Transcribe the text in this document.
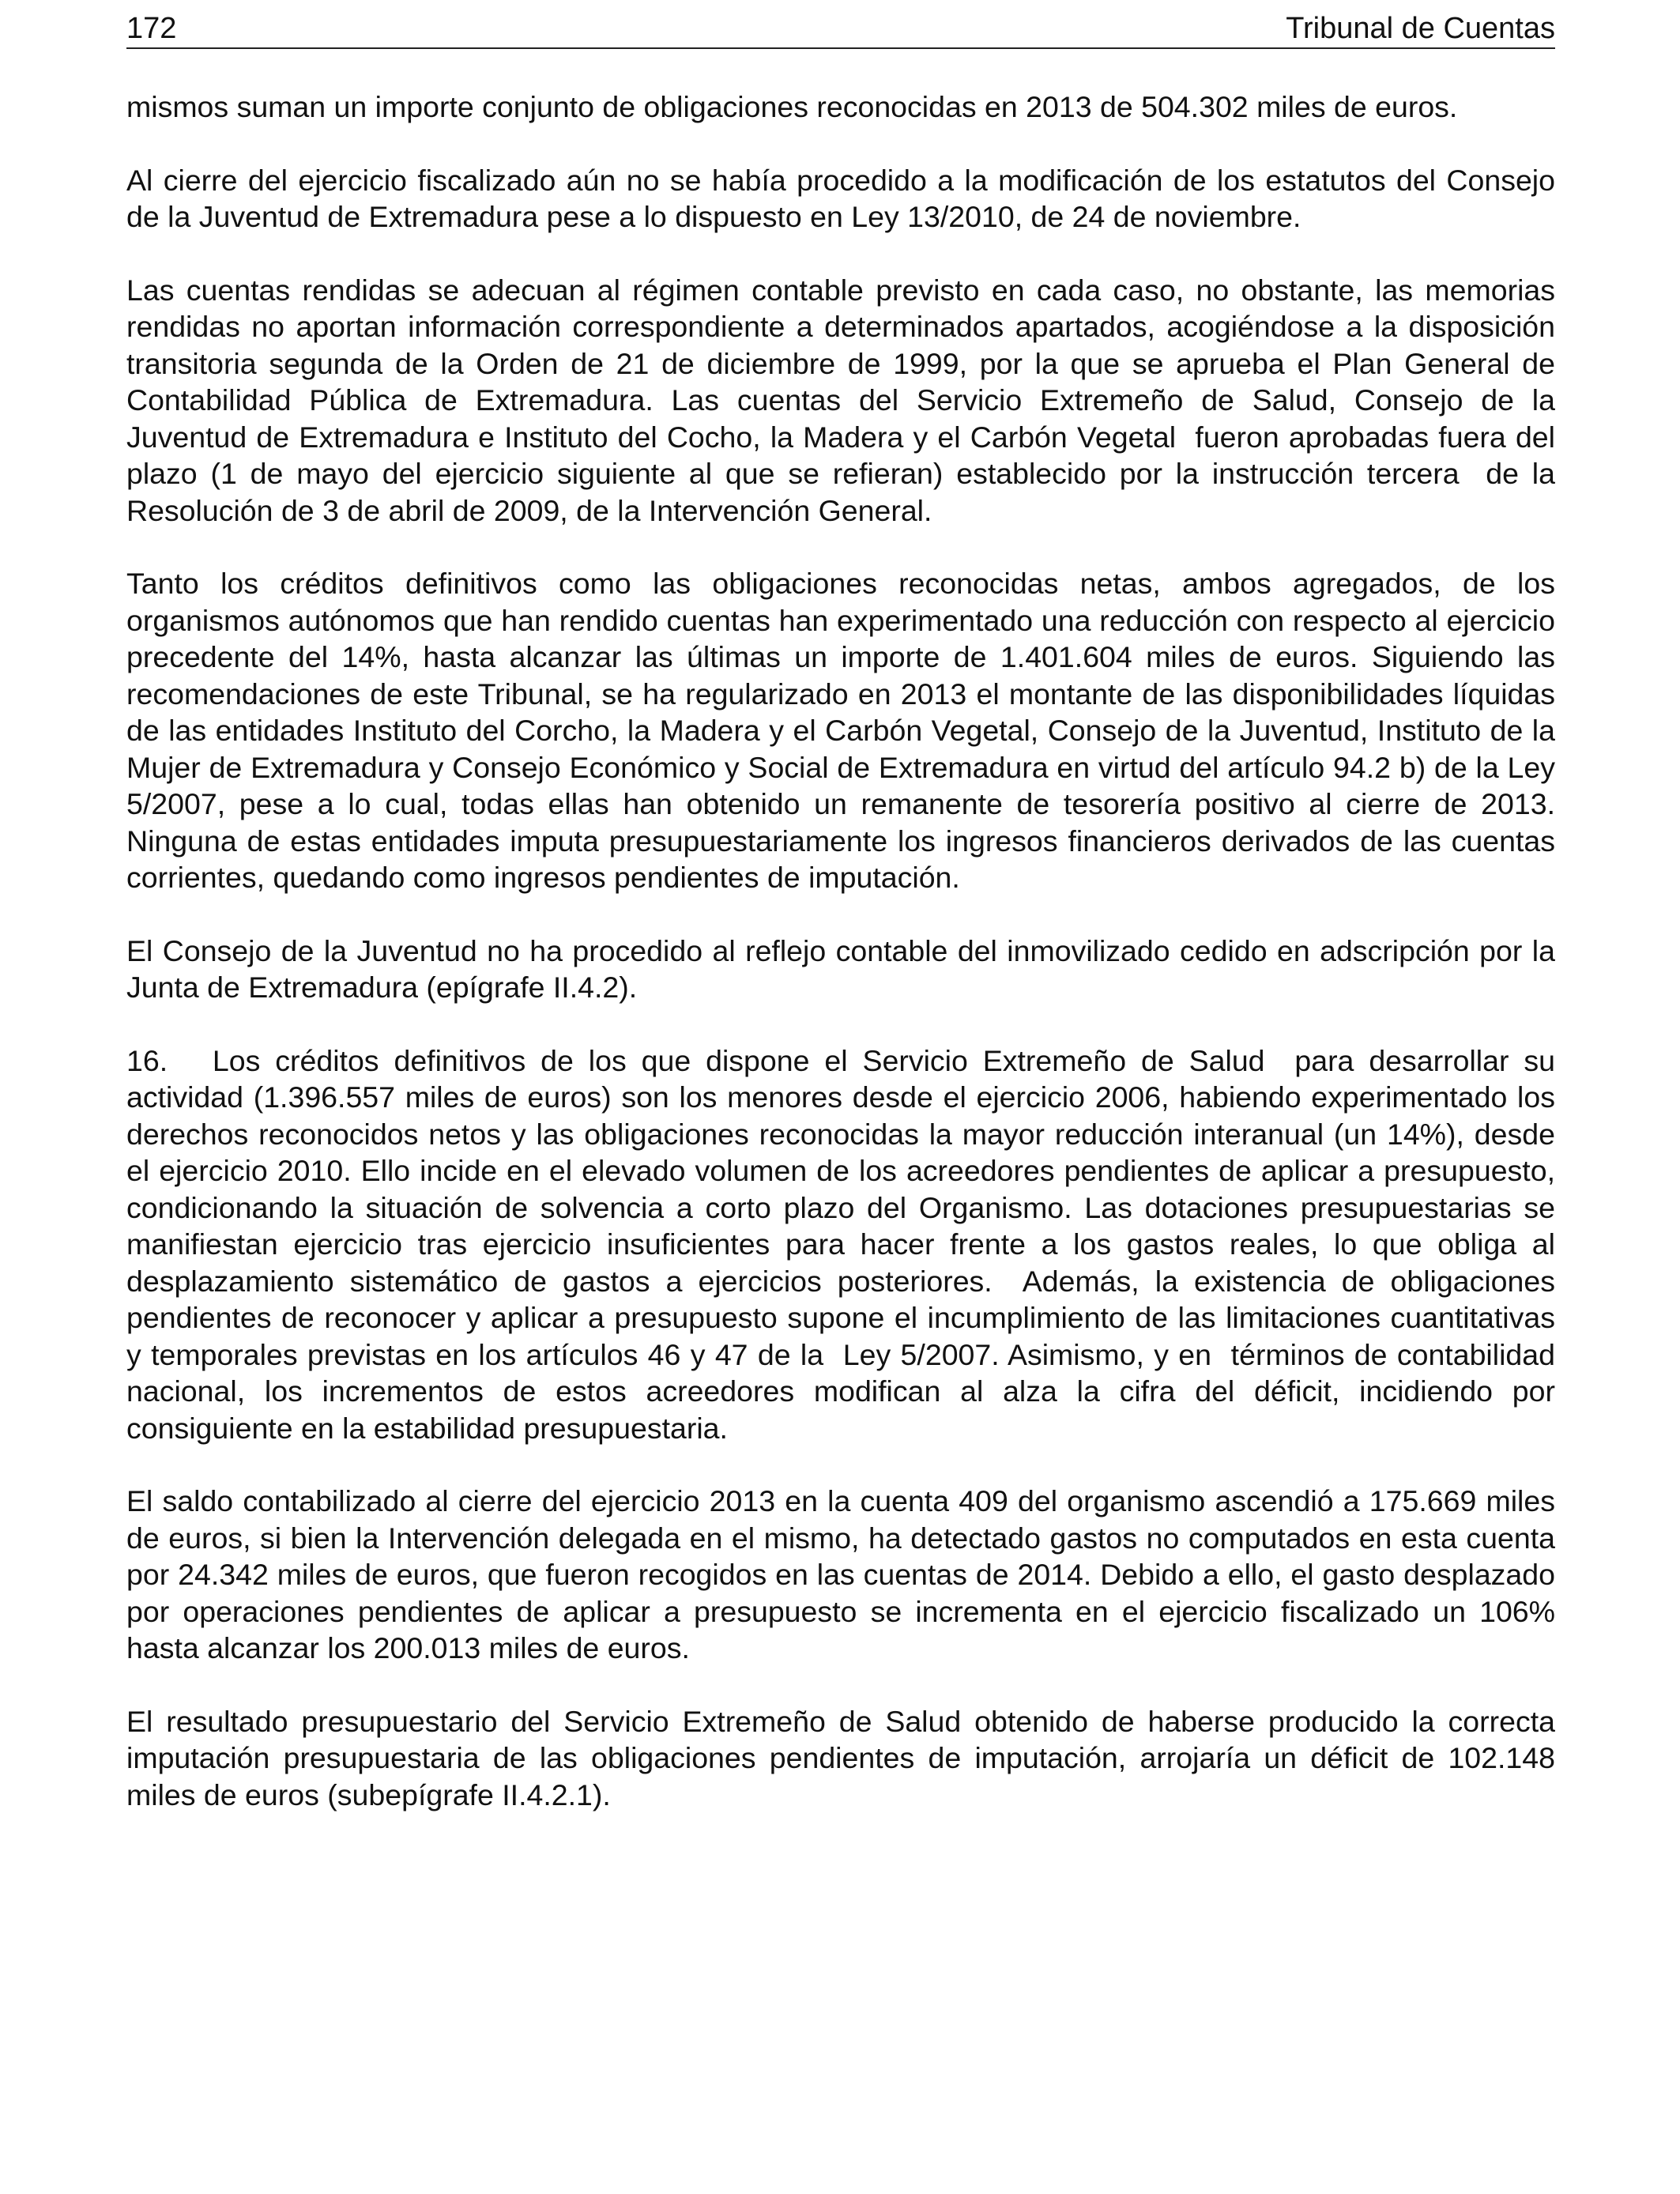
172	Tribunal de Cuentas

mismos suman un importe conjunto de obligaciones reconocidas en 2013 de 504.302 miles de euros.

Al cierre del ejercicio fiscalizado aún no se había procedido a la modificación de los estatutos del Consejo de la Juventud de Extremadura pese a lo dispuesto en Ley 13/2010, de 24 de noviembre.

Las cuentas rendidas se adecuan al régimen contable previsto en cada caso, no obstante, las memorias rendidas no aportan información correspondiente a determinados apartados, acogiéndose a la disposición transitoria segunda de la Orden de 21 de diciembre de 1999, por la que se aprueba el Plan General de Contabilidad Pública de Extremadura. Las cuentas del Servicio Extremeño de Salud, Consejo de la Juventud de Extremadura e Instituto del Cocho, la Madera y el Carbón Vegetal  fueron aprobadas fuera del plazo (1 de mayo del ejercicio siguiente al que se refieran) establecido por la instrucción tercera  de la  Resolución de 3 de abril de 2009, de la Intervención General.

Tanto los créditos definitivos como las obligaciones reconocidas netas, ambos agregados, de los organismos autónomos que han rendido cuentas han experimentado una reducción con respecto al ejercicio precedente del 14%, hasta alcanzar las últimas un importe de 1.401.604 miles de euros. Siguiendo las recomendaciones de este Tribunal, se ha regularizado en 2013 el montante de las disponibilidades líquidas de las entidades Instituto del Corcho, la Madera y el Carbón Vegetal, Consejo de la Juventud, Instituto de la Mujer de Extremadura y Consejo Económico y Social de Extremadura en virtud del artículo 94.2 b) de la Ley 5/2007, pese a lo cual, todas ellas han obtenido un remanente de tesorería positivo al cierre de 2013. Ninguna de estas entidades imputa presupuestariamente los ingresos financieros derivados de las cuentas corrientes, quedando como ingresos pendientes de imputación.

El Consejo de la Juventud no ha procedido al reflejo contable del inmovilizado cedido en adscripción por la Junta de Extremadura (epígrafe II.4.2).

16.   Los créditos definitivos de los que dispone el Servicio Extremeño de Salud  para desarrollar su actividad (1.396.557 miles de euros) son los menores desde el ejercicio 2006, habiendo experimentado los derechos reconocidos netos y las obligaciones reconocidas la mayor reducción interanual (un 14%), desde el ejercicio 2010. Ello incide en el elevado volumen de los acreedores pendientes de aplicar a presupuesto, condicionando la situación de solvencia a corto plazo del Organismo. Las dotaciones presupuestarias se manifiestan ejercicio tras ejercicio insuficientes para hacer frente a los gastos reales, lo que obliga al desplazamiento sistemático de gastos a ejercicios posteriores.  Además, la existencia de obligaciones pendientes de reconocer y aplicar a presupuesto supone el incumplimiento de las limitaciones cuantitativas y temporales previstas en los artículos 46 y 47 de la  Ley 5/2007. Asimismo, y en  términos de contabilidad nacional, los incrementos de estos acreedores modifican al alza la cifra del déficit, incidiendo por consiguiente en la estabilidad presupuestaria.

El saldo contabilizado al cierre del ejercicio 2013 en la cuenta 409 del organismo ascendió a 175.669 miles de euros, si bien la Intervención delegada en el mismo, ha detectado gastos no computados en esta cuenta por 24.342 miles de euros, que fueron recogidos en las cuentas de 2014. Debido a ello, el gasto desplazado por operaciones pendientes de aplicar a presupuesto se incrementa en el ejercicio fiscalizado un 106% hasta alcanzar los 200.013 miles de euros.

El resultado presupuestario del Servicio Extremeño de Salud obtenido de haberse producido la correcta imputación presupuestaria de las obligaciones pendientes de imputación, arrojaría un déficit de 102.148 miles de euros (subepígrafe II.4.2.1).
